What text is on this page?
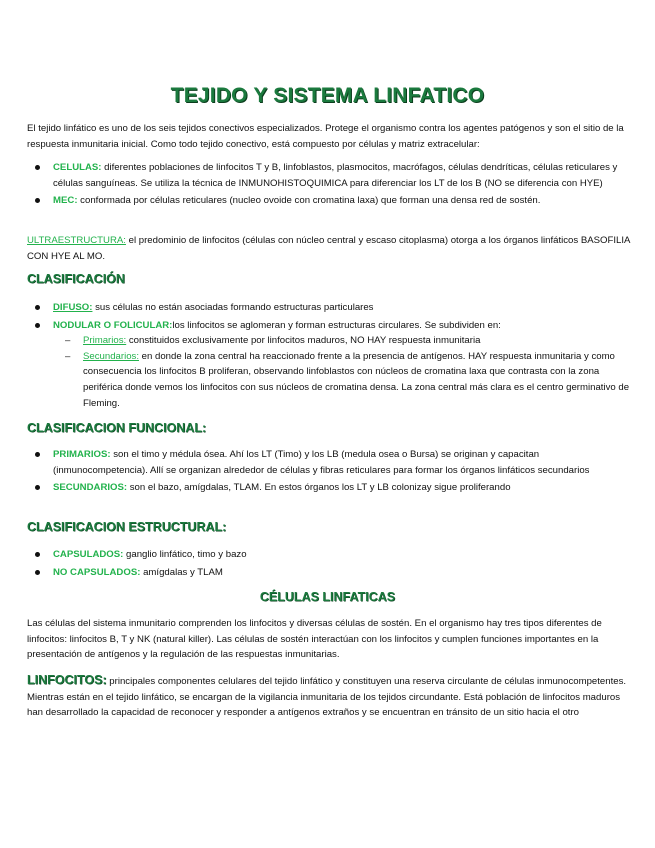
TEJIDO Y SISTEMA LINFATICO
El tejido linfático es uno de los seis tejidos conectivos especializados. Protege el organismo contra los agentes patógenos y son el sitio de la respuesta inmunitaria inicial. Como todo tejido conectivo, está compuesto por células y matriz extracelular:
CELULAS: diferentes poblaciones de linfocitos T y B, linfoblastos, plasmocitos, macrófagos, células dendríticas, células reticulares y células sanguíneas. Se utiliza la técnica de INMUNOHISTOQUIMICA para diferenciar los LT de los B (NO se diferencia con HYE)
MEC: conformada por células reticulares (nucleo ovoide con cromatina laxa) que forman una densa red de sostén.
ULTRAESTRUCTURA: el predominio de linfocitos (células con núcleo central y escaso citoplasma) otorga a los órganos linfáticos BASOFILIA CON HYE AL MO.
CLASIFICACIÓN
DIFUSO: sus células no están asociadas formando estructuras particulares
NODULAR O FOLICULAR:los linfocitos se aglomeran y forman estructuras circulares. Se subdividen en:
– Primarios: constituidos exclusivamente por linfocitos maduros, NO HAY respuesta inmunitaria
– Secundarios: en donde la zona central ha reaccionado frente a la presencia de antígenos. HAY respuesta inmunitaria y como consecuencia los linfocitos B proliferan, observando linfoblastos con núcleos de cromatina laxa que contrasta con la zona periférica donde vemos los linfocitos con sus núcleos de cromatina densa. La zona central más clara es el centro germinativo de Fleming.
CLASIFICACION FUNCIONAL:
PRIMARIOS: son el timo y médula ósea. Ahí los LT (Timo) y los LB (medula osea o Bursa) se originan y capacitan (inmunocompetencia). Allí se organizan alrededor de células y fibras reticulares para formar los órganos linfáticos secundarios
SECUNDARIOS: son el bazo, amígdalas, TLAM. En estos órganos los LT y LB colonizay sigue proliferando
CLASIFICACION ESTRUCTURAL:
CAPSULADOS: ganglio linfático, timo y bazo
NO CAPSULADOS: amígdalas y TLAM
CÉLULAS LINFATICAS
Las células del sistema inmunitario comprenden los linfocitos y diversas células de sostén. En el organismo hay tres tipos diferentes de linfocitos: linfocitos B, T y NK (natural killer). Las células de sostén interactúan con los linfocitos y cumplen funciones importantes en la presentación de antígenos y la regulación de las respuestas inmunitarias.
LINFOCITOS: principales componentes celulares del tejido linfático y constituyen una reserva circulante de células inmunocompetentes. Mientras están en el tejido linfático, se encargan de la vigilancia inmunitaria de los tejidos circundante. Está población de linfocitos maduros han desarrollado la capacidad de reconocer y responder a antígenos extraños y se encuentran en tránsito de un sitio hacia el otro
